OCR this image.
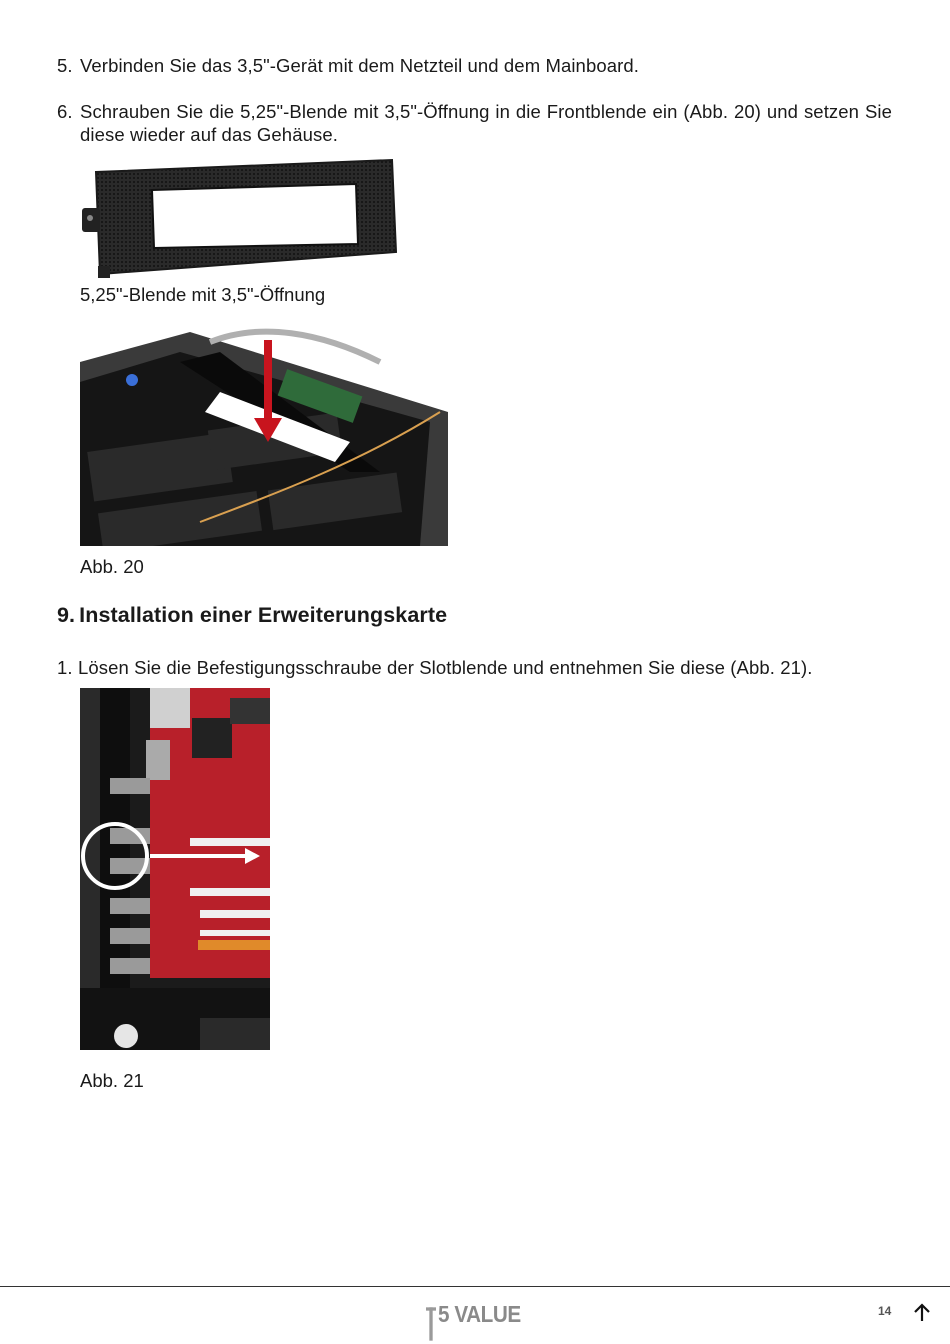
5. Verbinden Sie das 3,5"-Gerät mit dem Netzteil und dem Mainboard.
6. Schrauben Sie die 5,25"-Blende mit 3,5"-Öffnung in die Frontblende ein (Abb. 20) und setzen Sie diese wieder auf das Gehäuse.
5,25"-Blende mit 3,5"-Öffnung
Abb. 20
9. Installation einer Erweiterungskarte
1. Lösen Sie die Befestigungsschraube der Slotblende und entnehmen Sie diese (Abb. 21).
Abb. 21
5 VALUE	14
